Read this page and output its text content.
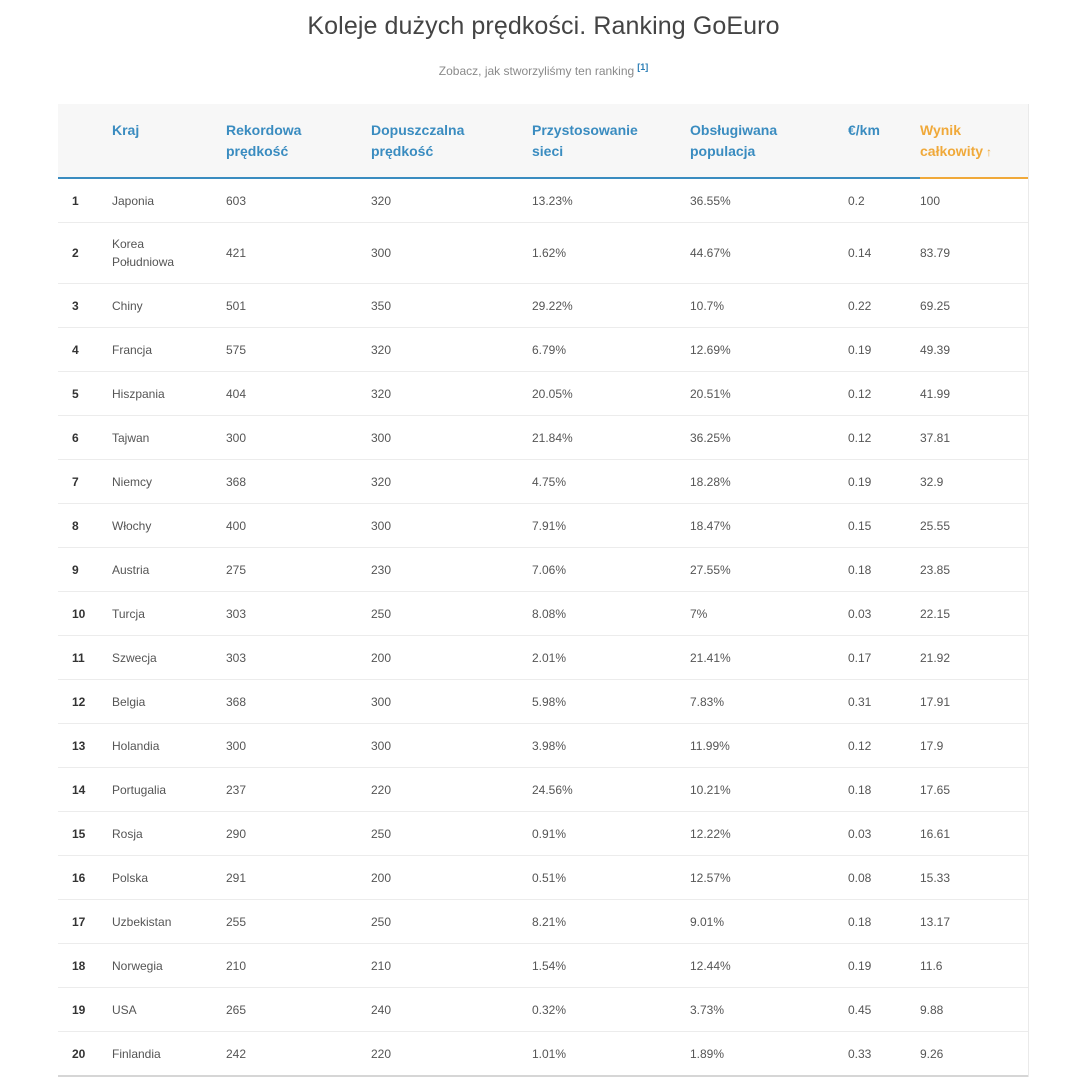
Koleje dużych prędkości. Ranking GoEuro
Zobacz, jak stworzyliśmy ten ranking [1]

	Kraj	Rekordowa prędkość	Dopuszczalna prędkość	Przystosowanie sieci	Obsługiwana populacja	€/km	Wynik całkowity ↑

1	Japonia	603	320	13.23%	36.55%	0.2	100
2	Korea Południowa	421	300	1.62%	44.67%	0.14	83.79
3	Chiny	501	350	29.22%	10.7%	0.22	69.25
4	Francja	575	320	6.79%	12.69%	0.19	49.39
5	Hiszpania	404	320	20.05%	20.51%	0.12	41.99
6	Tajwan	300	300	21.84%	36.25%	0.12	37.81
7	Niemcy	368	320	4.75%	18.28%	0.19	32.9
8	Włochy	400	300	7.91%	18.47%	0.15	25.55
9	Austria	275	230	7.06%	27.55%	0.18	23.85
10	Turcja	303	250	8.08%	7%	0.03	22.15
11	Szwecja	303	200	2.01%	21.41%	0.17	21.92
12	Belgia	368	300	5.98%	7.83%	0.31	17.91
13	Holandia	300	300	3.98%	11.99%	0.12	17.9
14	Portugalia	237	220	24.56%	10.21%	0.18	17.65
15	Rosja	290	250	0.91%	12.22%	0.03	16.61
16	Polska	291	200	0.51%	12.57%	0.08	15.33
17	Uzbekistan	255	250	8.21%	9.01%	0.18	13.17
18	Norwegia	210	210	1.54%	12.44%	0.19	11.6
19	USA	265	240	0.32%	3.73%	0.45	9.88
20	Finlandia	242	220	1.01%	1.89%	0.33	9.26
